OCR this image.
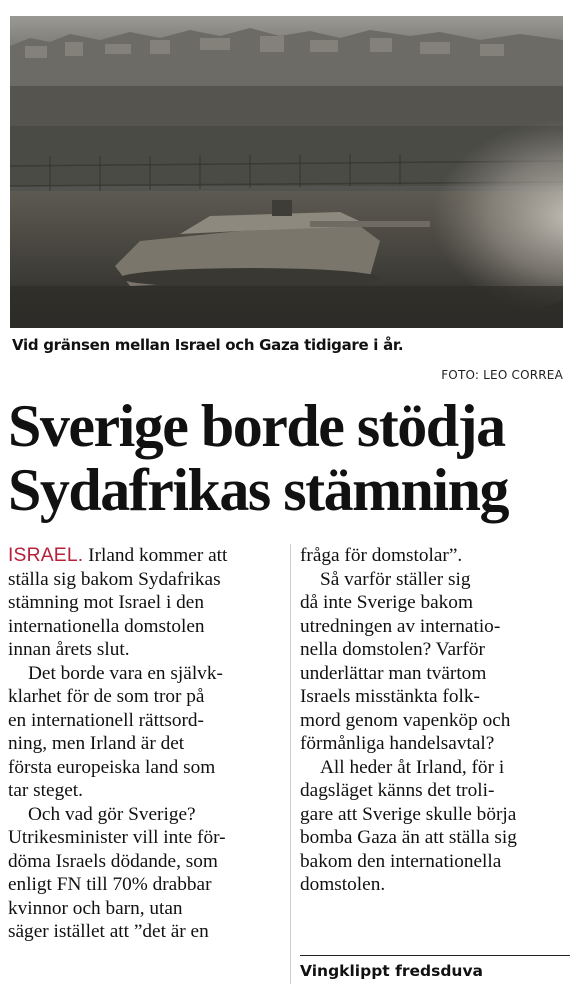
Vid gränsen mellan Israel och Gaza tidigare i år.
FOTO: LEO CORREA
Sverige borde stödja
Sydafrikas stämning
ISRAEL. Irland kommer att
ställa sig bakom Sydafrikas
stämning mot Israel i den
internationella domstolen
innan årets slut.
Det borde vara en självk-
klarhet för de som tror på
en internationell rättsord-
ning, men Irland är det
första europeiska land som
tar steget.
Och vad gör Sverige?
Utrikesminister vill inte för-
döma Israels dödande, som
enligt FN till 70% drabbar
kvinnor och barn, utan
säger istället att ”det är en
fråga för domstolar”.
Så varför ställer sig
då inte Sverige bakom
utredningen av internatio-
nella domstolen? Varför
underlättar man tvärtom
Israels misstänkta folk-
mord genom vapenköp och
förmånliga handelsavtal?
All heder åt Irland, för i
dagsläget känns det troli-
gare att Sverige skulle börja
bomba Gaza än att ställa sig
bakom den internationella
domstolen.
Vingklippt fredsduva
